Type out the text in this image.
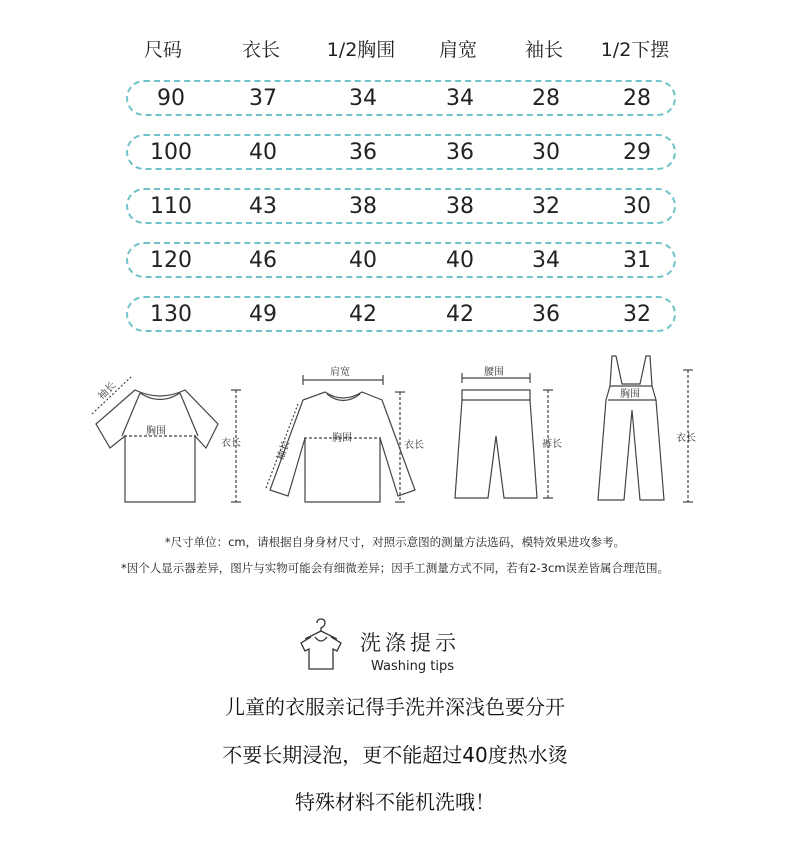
尺码	衣长	1/2胸围	肩宽	袖长	1/2下摆
90	37	34	34	28	28
100	40	36	36	30	29
110	43	38	38	32	30
120	46	40	40	34	31
130	49	42	42	36	32
袖长
胸围
衣长
肩宽
袖长
胸围
衣长
腰围
裤长
胸围
衣长
*尺寸单位：cm，请根据自身身材尺寸，对照示意图的测量方法选码，模特效果进攻参考。
*因个人显示器差异，图片与实物可能会有细微差异；因手工测量方式不同，若有2-3cm误差皆属合理范围。
洗涤提示
Washing tips
儿童的衣服亲记得手洗并深浅色要分开
不要长期浸泡，更不能超过40度热水烫
特殊材料不能机洗哦！
